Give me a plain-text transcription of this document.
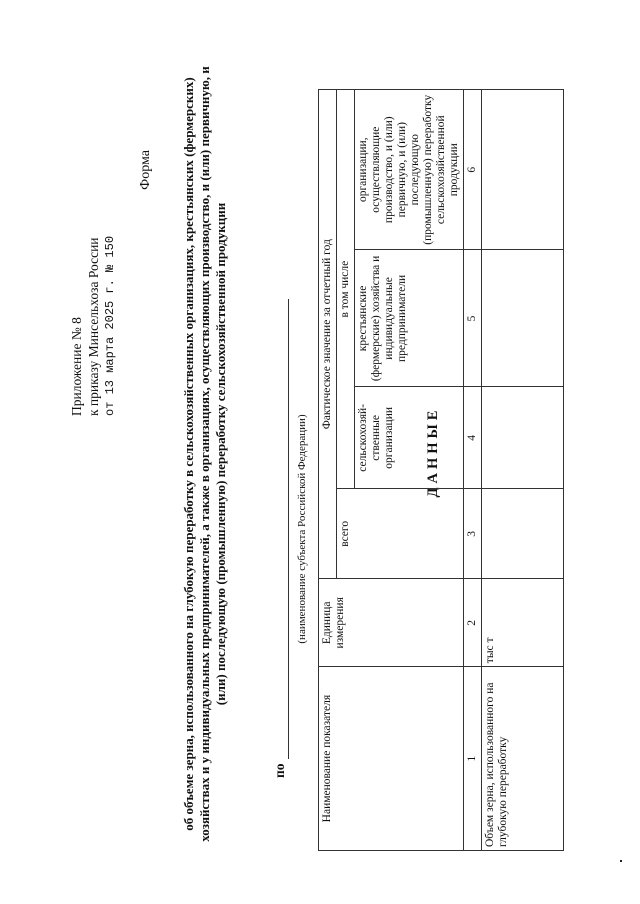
Приложение № 8 к приказу Минсельхоза России от 13 марта 2025 г. № 150
Форма
ДАННЫЕ
об объеме зерна, использованного на глубокую переработку в сельскохозяйственных организациях, крестьянских (фермерских) хозяйствах и у индивидуальных предпринимателей, а также в организациях, осуществляющих производство, и (или) первичную, и (или) последующую (промышленную) переработку сельскохозяйственной продукции
по
(наименование субъекта Российской Федерации)
Наименование показателя	Единица измерения	Фактическое значение за отчетный год			
		всего	в том числе		
			сельскохозяй-ственные организации	крестьянские (фермерские) хозяйства и индивидуальные предприниматели	организации, осуществляющие производство, и (или) первичную, и (или) последующую (промышленную) переработку сельскохозяйственной продукции
1	2	3	4	5	6
Объем зерна, использованного на глубокую переработку	тыс т				
